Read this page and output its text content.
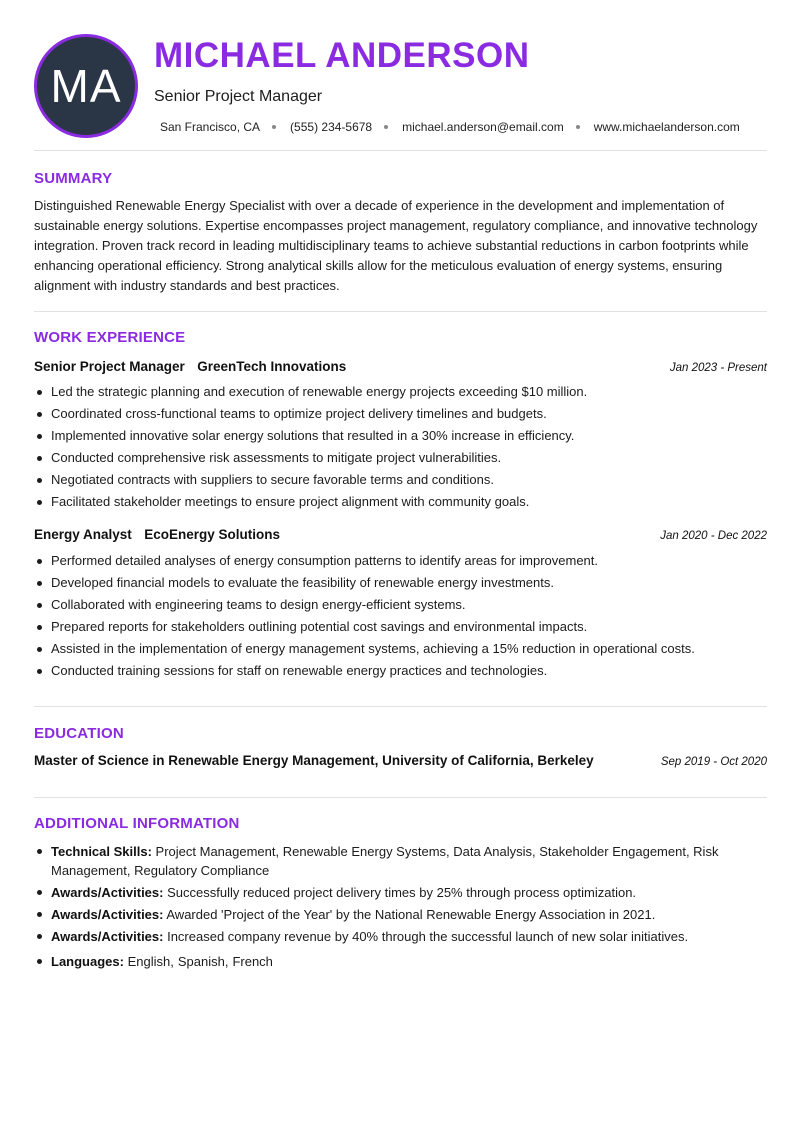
MA
MICHAEL ANDERSON
Senior Project Manager
San Francisco, CA	(555) 234-5678	michael.anderson@email.com	www.michaelanderson.com
SUMMARY

Distinguished Renewable Energy Specialist with over a decade of experience in the development and implementation of sustainable energy solutions. Expertise encompasses project management, regulatory compliance, and innovative technology integration. Proven track record in leading multidisciplinary teams to achieve substantial reductions in carbon footprints while enhancing operational efficiency. Strong analytical skills allow for the meticulous evaluation of energy systems, ensuring alignment with industry standards and best practices.

WORK EXPERIENCE
Senior Project Manager GreenTech Innovations	Jan 2023 - Present
Led the strategic planning and execution of renewable energy projects exceeding $10 million.
Coordinated cross-functional teams to optimize project delivery timelines and budgets.
Implemented innovative solar energy solutions that resulted in a 30% increase in efficiency.
Conducted comprehensive risk assessments to mitigate project vulnerabilities.
Negotiated contracts with suppliers to secure favorable terms and conditions.
Facilitated stakeholder meetings to ensure project alignment with community goals.
Energy Analyst EcoEnergy Solutions	Jan 2020 - Dec 2022
Performed detailed analyses of energy consumption patterns to identify areas for improvement.
Developed financial models to evaluate the feasibility of renewable energy investments.
Collaborated with engineering teams to design energy-efficient systems.
Prepared reports for stakeholders outlining potential cost savings and environmental impacts.
Assisted in the implementation of energy management systems, achieving a 15% reduction in operational costs.
Conducted training sessions for staff on renewable energy practices and technologies.
EDUCATION
Master of Science in Renewable Energy Management, University of California, Berkeley	Sep 2019 - Oct 2020
ADDITIONAL INFORMATION
Technical Skills: Project Management, Renewable Energy Systems, Data Analysis, Stakeholder Engagement, Risk Management, Regulatory Compliance
Awards/Activities: Successfully reduced project delivery times by 25% through process optimization.
Awards/Activities: Awarded 'Project of the Year' by the National Renewable Energy Association in 2021.
Awards/Activities: Increased company revenue by 40% through the successful launch of new solar initiatives.
Languages: English, Spanish, French
